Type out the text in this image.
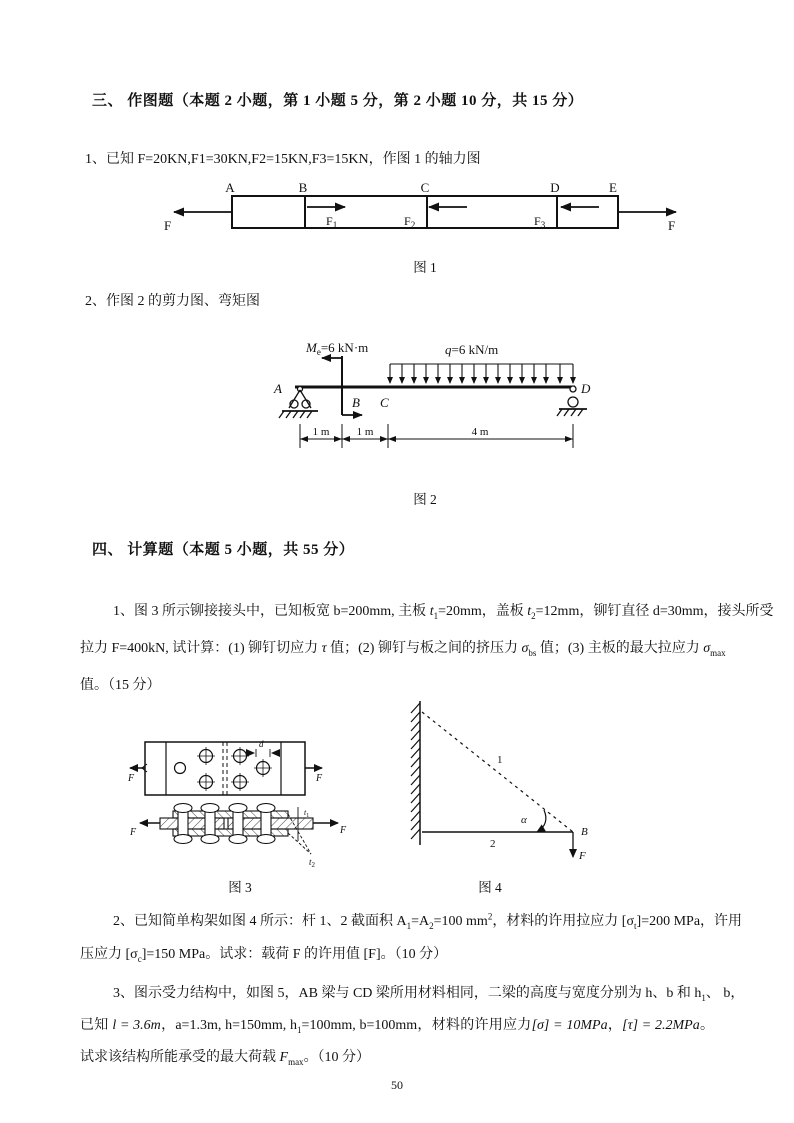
三、 作图题（本题 2 小题，第 1 小题 5 分，第 2 小题 10 分，共 15 分）
1、已知 F=20KN,F1=30KN,F2=15KN,F3=15KN，作图 1 的轴力图
A	B	C	D	E
F	F
$F_1$	$F_2$	$F_3$
图 1
2、作图 2 的剪力图、弯矩图
$M_e=6$ kN·m	q=6 kN/m
A
B C
D
1 m 1 m	4 m
图 2
四、 计算题（本题 5 小题，共 55 分）
1、图 3 所示铆接接头中，已知板宽 b=200mm, 主板 $t_1=20mm$，盖板 $t_2=12mm$，铆钉直径 d=30mm，接头所受
拉力 F=400kN, 试计算：(1) 铆钉切应力 τ 值；(2) 铆钉与板之间的挤压力 $\sigma_{bs}$ 值；(3) 主板的最大拉应力 $\sigma_{max}$
值。（15 分）
d
F	F
$t_1$
$t_2$
F	F
1
2
α
B
F
图 3	图 4
2、已知简单构架如图 4 所示：杆 1、2 截面积 $A_1=A_2=100$ $mm^2$，材料的许用拉应力 $[\sigma_t]=200$ MPa，许用
压应力 $[\sigma_c]=150$ MPa。试求：载荷 F 的许用值 [F]。（10 分）
3、图示受力结构中，如图 5，AB 梁与 CD 梁所用材料相同，二梁的高度与宽度分别为 h、b 和 $h_1$、 b，
已知 l = 3.6m，a=1.3m, h=150mm, $h_1=100mm$, b=100mm，材料的许用应力[σ] = 10MPa，[τ] = 2.2MPa。
试求该结构所能承受的最大荷载 $F_{max}$。（10 分）
50
